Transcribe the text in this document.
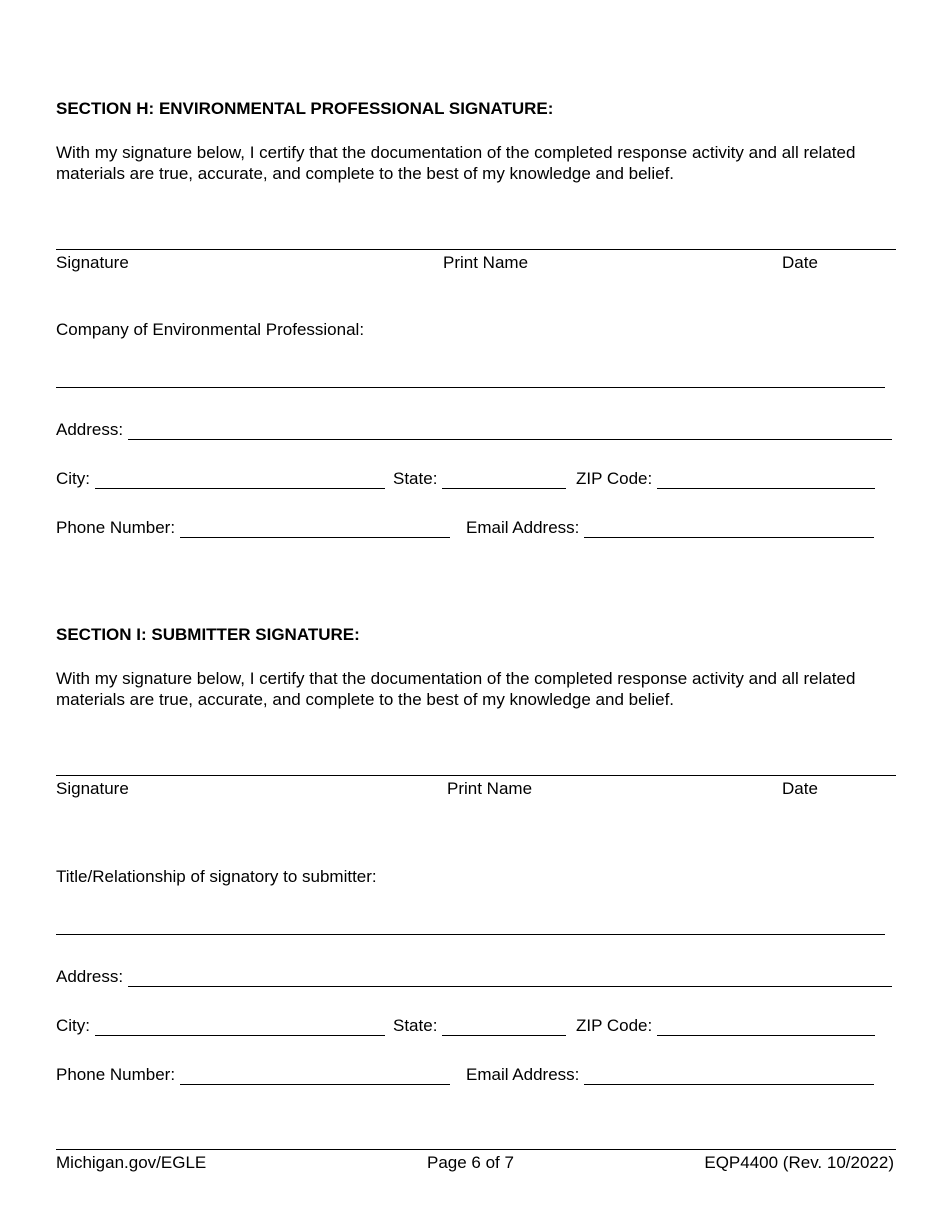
SECTION H: ENVIRONMENTAL PROFESSIONAL SIGNATURE:
With my signature below, I certify that the documentation of the completed response activity and all related materials are true, accurate, and complete to the best of my knowledge and belief.
Signature	Print Name	Date
Company of Environmental Professional:
Address:
City:	State:	ZIP Code:
Phone Number:	Email Address:
SECTION I: SUBMITTER SIGNATURE:
With my signature below, I certify that the documentation of the completed response activity and all related materials are true, accurate, and complete to the best of my knowledge and belief.
Signature	Print Name	Date
Title/Relationship of signatory to submitter:
Address:
City:	State:	ZIP Code:
Phone Number:	Email Address:
Michigan.gov/EGLE	Page 6 of 7	EQP4400 (Rev. 10/2022)
